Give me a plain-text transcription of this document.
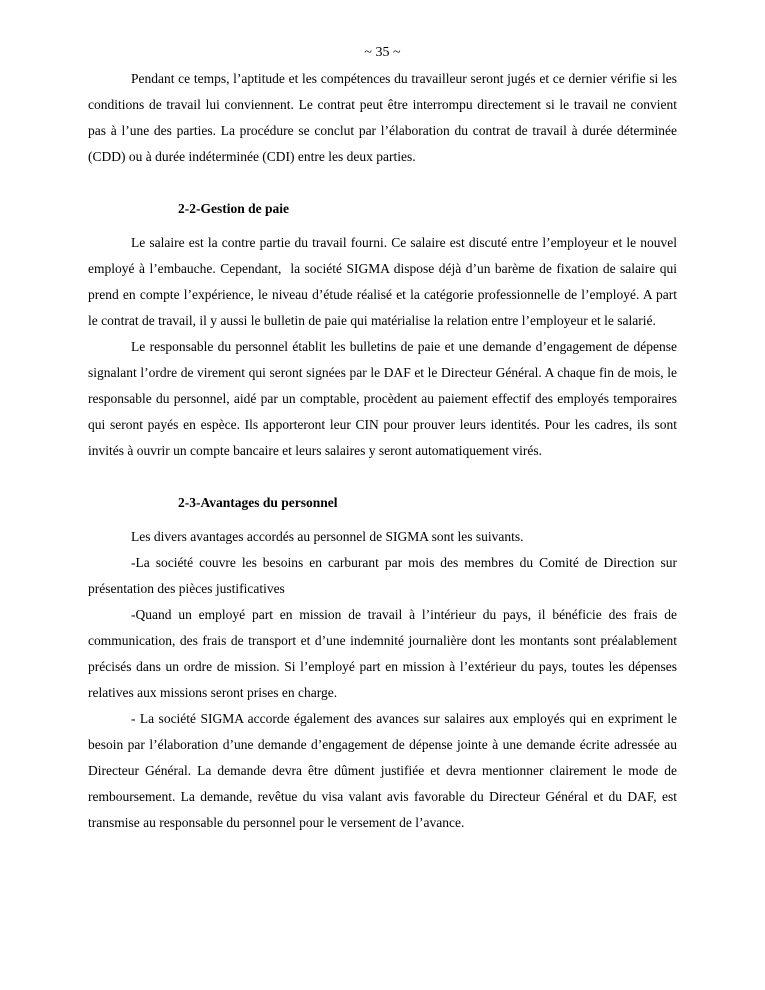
~ 35 ~

Pendant ce temps, l’aptitude et les compétences du travailleur seront jugés et ce dernier vérifie si les conditions de travail lui conviennent. Le contrat peut être interrompu directement si le travail ne convient pas à l’une des parties. La procédure se conclut par l’élaboration du contrat de travail à durée déterminée (CDD) ou à durée indéterminée (CDI) entre les deux parties.

2-2-Gestion de paie

Le salaire est la contre partie du travail fourni. Ce salaire est discuté entre l’employeur et le nouvel employé à l’embauche. Cependant,  la société SIGMA dispose déjà d’un barème de fixation de salaire qui prend en compte l’expérience, le niveau d’étude réalisé et la catégorie professionnelle de l’employé. A part le contrat de travail, il y aussi le bulletin de paie qui matérialise la relation entre l’employeur et le salarié.

Le responsable du personnel établit les bulletins de paie et une demande d’engagement de dépense signalant l’ordre de virement qui seront signées par le DAF et le Directeur Général. A chaque fin de mois, le responsable du personnel, aidé par un comptable, procèdent au paiement effectif des employés temporaires qui seront payés en espèce. Ils apporteront leur CIN pour prouver leurs identités. Pour les cadres, ils sont invités à ouvrir un compte bancaire et leurs salaires y seront automatiquement virés.

2-3-Avantages du personnel

Les divers avantages accordés au personnel de SIGMA sont les suivants.

-La société couvre les besoins en carburant par mois des membres du Comité de Direction sur présentation des pièces justificatives

-Quand un employé part en mission de travail à l’intérieur du pays, il bénéficie des frais de communication, des frais de transport et d’une indemnité journalière dont les montants sont préalablement précisés dans un ordre de mission. Si l’employé part en mission à l’extérieur du pays, toutes les dépenses relatives aux missions seront prises en charge.

- La société SIGMA accorde également des avances sur salaires aux employés qui en expriment le besoin par l’élaboration d’une demande d’engagement de dépense jointe à une demande écrite adressée au Directeur Général. La demande devra être dûment justifiée et devra mentionner clairement le mode de remboursement. La demande, revêtue du visa valant avis favorable du Directeur Général et du DAF, est transmise au responsable du personnel pour le versement de l’avance.
